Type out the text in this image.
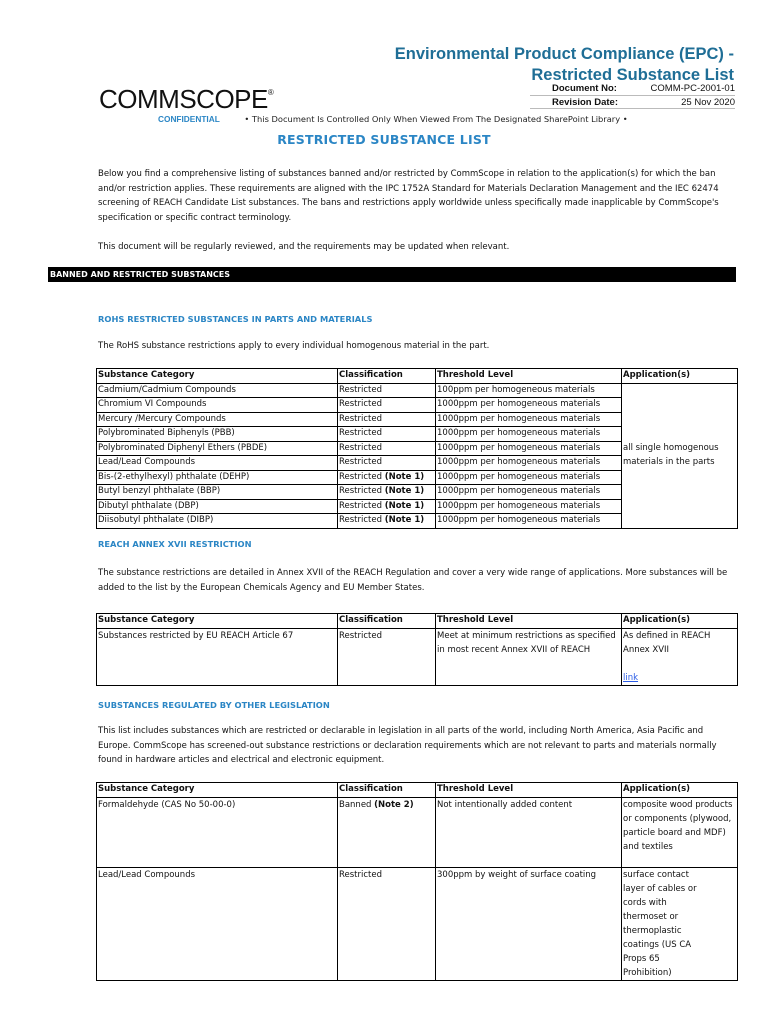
Environmental Product Compliance (EPC) -
Restricted Substance List
COMMSCOPE®	Document No:	COMM-PC-2001-01
Revision Date:	25 Nov 2020
CONFIDENTIAL	• This Document Is Controlled Only When Viewed From The Designated SharePoint Library •
RESTRICTED SUBSTANCE LIST
Below you find a comprehensive listing of substances banned and/or restricted by CommScope in relation to the application(s) for which the ban and/or restriction applies. These requirements are aligned with the IPC 1752A Standard for Materials Declaration Management and the IEC 62474 screening of REACH Candidate List substances. The bans and restrictions apply worldwide unless specifically made inapplicable by CommScope's specification or specific contract terminology.
This document will be regularly reviewed, and the requirements may be updated when relevant.
BANNED AND RESTRICTED SUBSTANCES
ROHS RESTRICTED SUBSTANCES IN PARTS AND MATERIALS
The RoHS substance restrictions apply to every individual homogenous material in the part.
Substance Category	Classification	Threshold Level	Application(s)
Cadmium/Cadmium Compounds	Restricted	100ppm per homogeneous materials	all single homogenous materials in the parts
Chromium VI Compounds	Restricted	1000ppm per homogeneous materials	
Mercury /Mercury Compounds	Restricted	1000ppm per homogeneous materials	
Polybrominated Biphenyls (PBB)	Restricted	1000ppm per homogeneous materials	
Polybrominated Diphenyl Ethers (PBDE)	Restricted	1000ppm per homogeneous materials	
Lead/Lead Compounds	Restricted	1000ppm per homogeneous materials	
Bis-(2-ethylhexyl) phthalate (DEHP)	Restricted (Note 1)	1000ppm per homogeneous materials	
Butyl benzyl phthalate (BBP)	Restricted (Note 1)	1000ppm per homogeneous materials	
Dibutyl phthalate (DBP)	Restricted (Note 1)	1000ppm per homogeneous materials	
Diisobutyl phthalate (DIBP)	Restricted (Note 1)	1000ppm per homogeneous materials	
REACH ANNEX XVII RESTRICTION
The substance restrictions are detailed in Annex XVII of the REACH Regulation and cover a very wide range of applications. More substances will be added to the list by the European Chemicals Agency and EU Member States.
Substance Category	Classification	Threshold Level	Application(s)
Substances restricted by EU REACH Article 67	Restricted	Meet at minimum restrictions as specified in most recent Annex XVII of REACH	As defined in REACH Annex XVII
link
SUBSTANCES REGULATED BY OTHER LEGISLATION
This list includes substances which are restricted or declarable in legislation in all parts of the world, including North America, Asia Pacific and Europe. CommScope has screened-out substance restrictions or declaration requirements which are not relevant to parts and materials normally found in hardware articles and electrical and electronic equipment.
Substance Category	Classification	Threshold Level	Application(s)
Formaldehyde (CAS No 50-00-0)	Banned (Note 2)	Not intentionally added content	composite wood products or components (plywood, particle board and MDF) and textiles
Lead/Lead Compounds	Restricted	300ppm by weight of surface coating	surface contact layer of cables or cords with thermoset or thermoplastic coatings (US CA Props 65 Prohibition)
